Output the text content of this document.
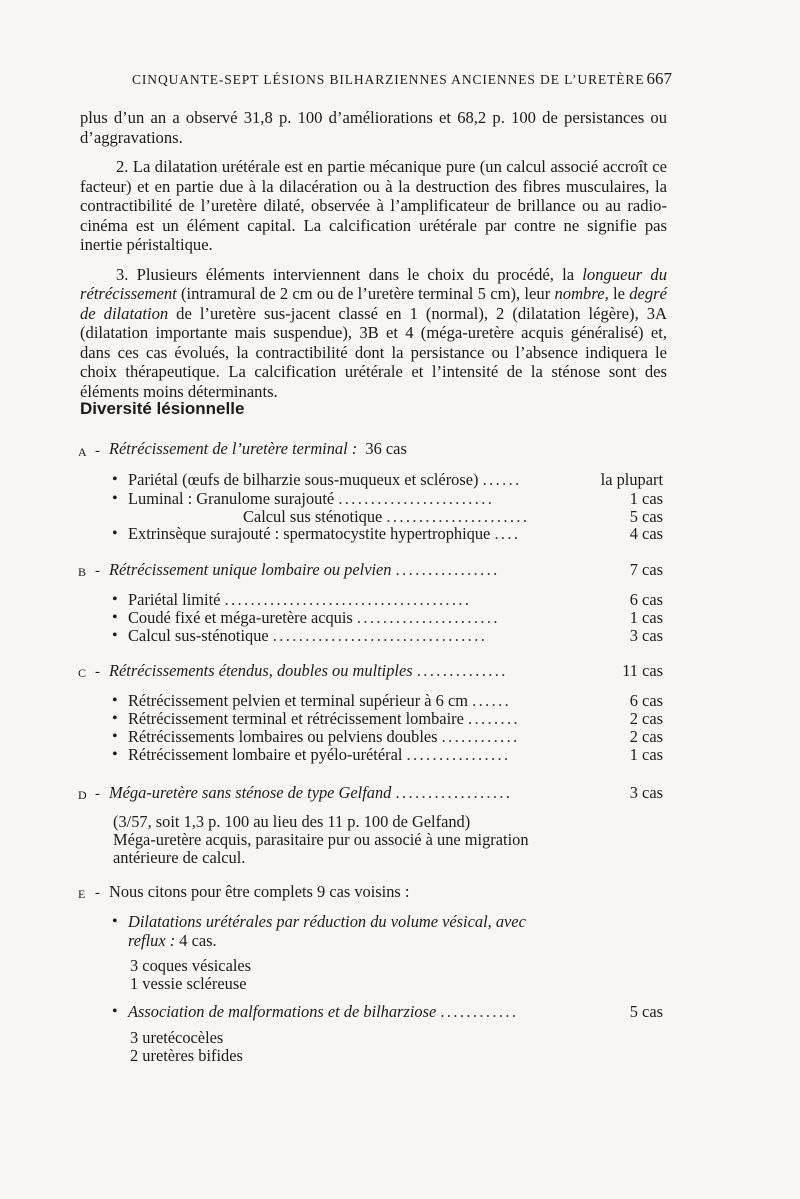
CINQUANTE-SEPT LÉSIONS BILHARZIENNES ANCIENNES DE L’URETÈRE 667

plus d’un an a observé 31,8 p. 100 d’améliorations et 68,2 p. 100 de persistances ou d’aggravations.

2. La dilatation urétérale est en partie mécanique pure (un calcul associé accroît ce facteur) et en partie due à la dilacération ou à la destruction des fibres musculaires, la contractibilité de l’uretère dilaté, observée à l’amplificateur de brillance ou au radio-cinéma est un élément capital. La calcification urétérale par contre ne signifie pas inertie péristaltique.

3. Plusieurs éléments interviennent dans le choix du procédé, la longueur du rétrécissement (intramural de 2 cm ou de l’uretère terminal 5 cm), leur nombre, le degré de dilatation de l’uretère sus-jacent classé en 1 (normal), 2 (dilatation légère), 3A (dilatation importante mais suspendue), 3B et 4 (méga-uretère acquis généralisé) et, dans ces cas évolués, la contractibilité dont la persistance ou l’absence indiquera le choix thérapeutique. La calcification urétérale et l’intensité de la sténose sont des éléments moins déterminants.

Diversité lésionnelle
A - Rétrécissement de l’uretère terminal : 36 cas
• Pariétal (œufs de bilharzie sous-muqueux et sclérose) ......	la plupart
• Luminal : Granulome surajouté ........................	1 cas
Calcul sus sténotique ......................	5 cas
• Extrinsèque surajouté : spermatocystite hypertrophique ....	4 cas
B - Rétrécissement unique lombaire ou pelvien ................	7 cas
• Pariétal limité ......................................	6 cas
• Coudé fixé et méga-uretère acquis ......................	1 cas
• Calcul sus-sténotique .................................	3 cas
C - Rétrécissements étendus, doubles ou multiples ..............	11 cas
• Rétrécissement pelvien et terminal supérieur à 6 cm ......	6 cas
• Rétrécissement terminal et rétrécissement lombaire ........	2 cas
• Rétrécissements lombaires ou pelviens doubles ............	2 cas
• Rétrécissement lombaire et pyélo-urétéral ................	1 cas
D - Méga-uretère sans sténose de type Gelfand ..................	3 cas
(3/57, soit 1,3 p. 100 au lieu des 11 p. 100 de Gelfand)
Méga-uretère acquis, parasitaire pur ou associé à une migration
antérieure de calcul.
E - Nous citons pour être complets 9 cas voisins :
• Dilatations urétérales par réduction du volume vésical, avec
reflux : 4 cas.
3 coques vésicales
1 vessie scléreuse
• Association de malformations et de bilharziose ............	5 cas
3 uretécocèles
2 uretères bifides
